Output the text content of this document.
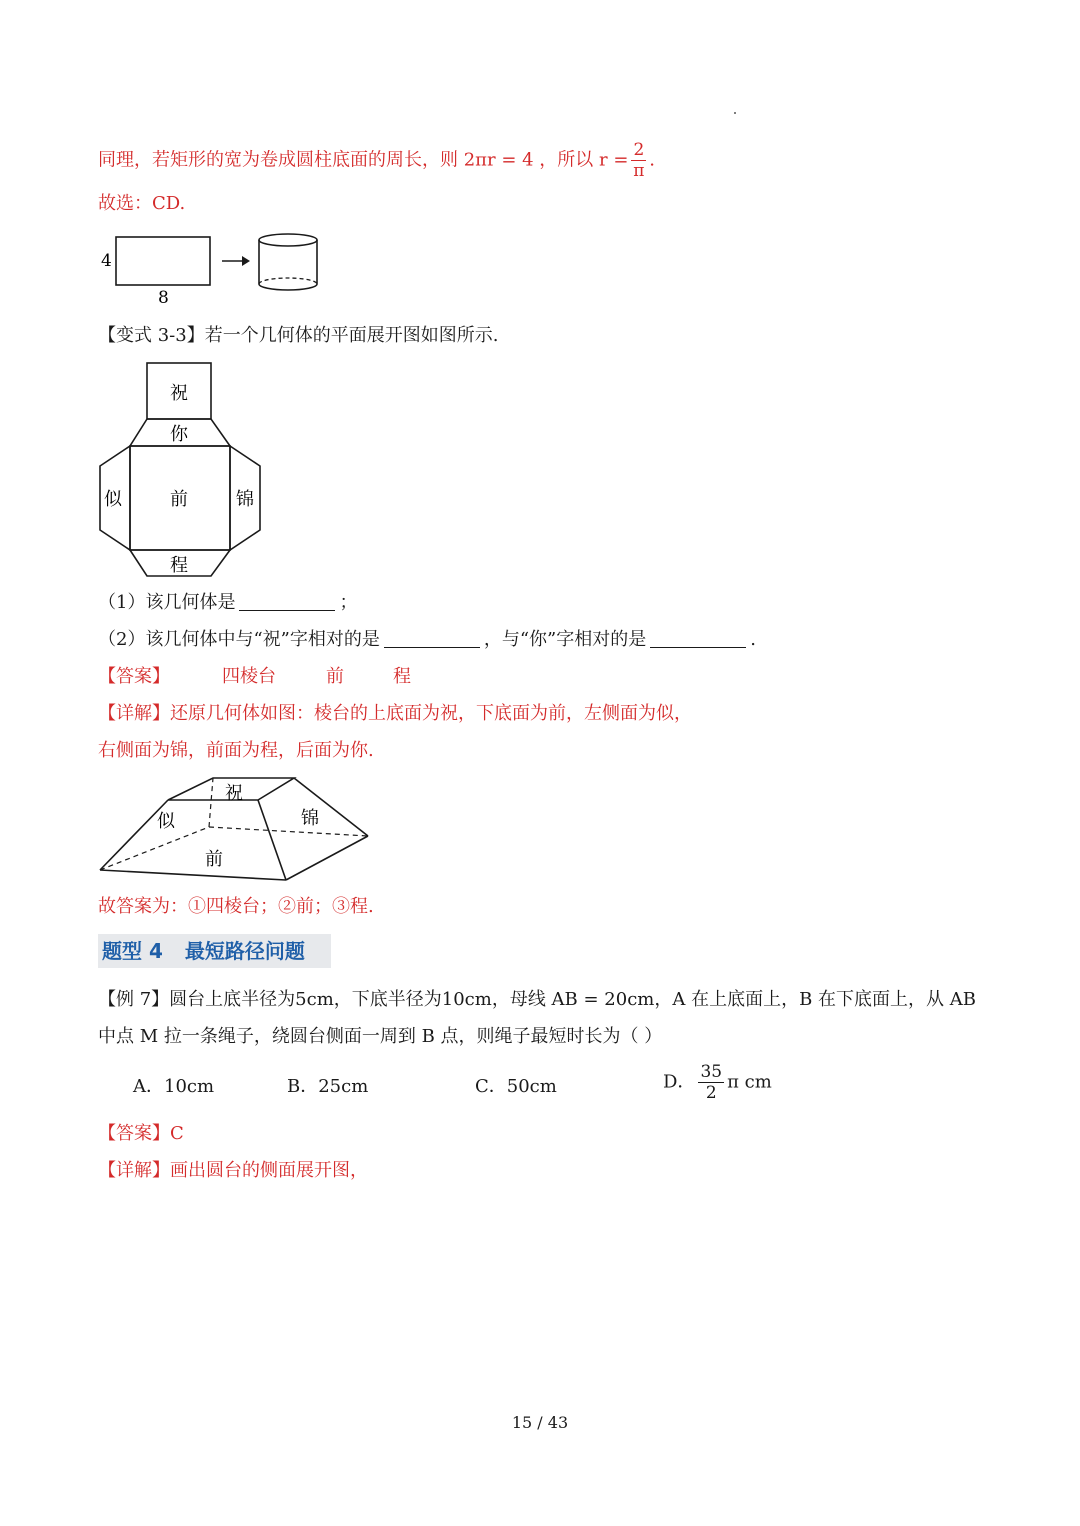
同理，若矩形的宽为卷成圆柱底面的周长，则 2πr = 4 ，所以 $r = \frac{2}{\pi}$ .
故选：CD.
4
8
【变式 3-3】若一个几何体的平面展开图如图所示.
祝
你
前
似	锦
程
（1）该几何体是	；
（2）该几何体中与“祝”字相对的是	，与“你”字相对的是	.
【答案】	四棱台	前	程
【详解】还原几何体如图：棱台的上底面为祝，下底面为前，左侧面为似，
右侧面为锦，前面为程，后面为你.
祝
似	锦
前
故答案为：①四棱台；②前；③程.
题型 4 最短路径问题
【例 7】圆台上底半径为5cm，下底半径为10cm，母线 AB = 20cm，A 在上底面上，B 在下底面上，从 AB
中点 M 拉一条绳子，绕圆台侧面一周到 B 点，则绳子最短时长为（ ）
A．10cm	B．25cm	C．50cm	D． $\frac{35}{2}$ π cm
【答案】C
【详解】画出圆台的侧面展开图，
15 / 43
